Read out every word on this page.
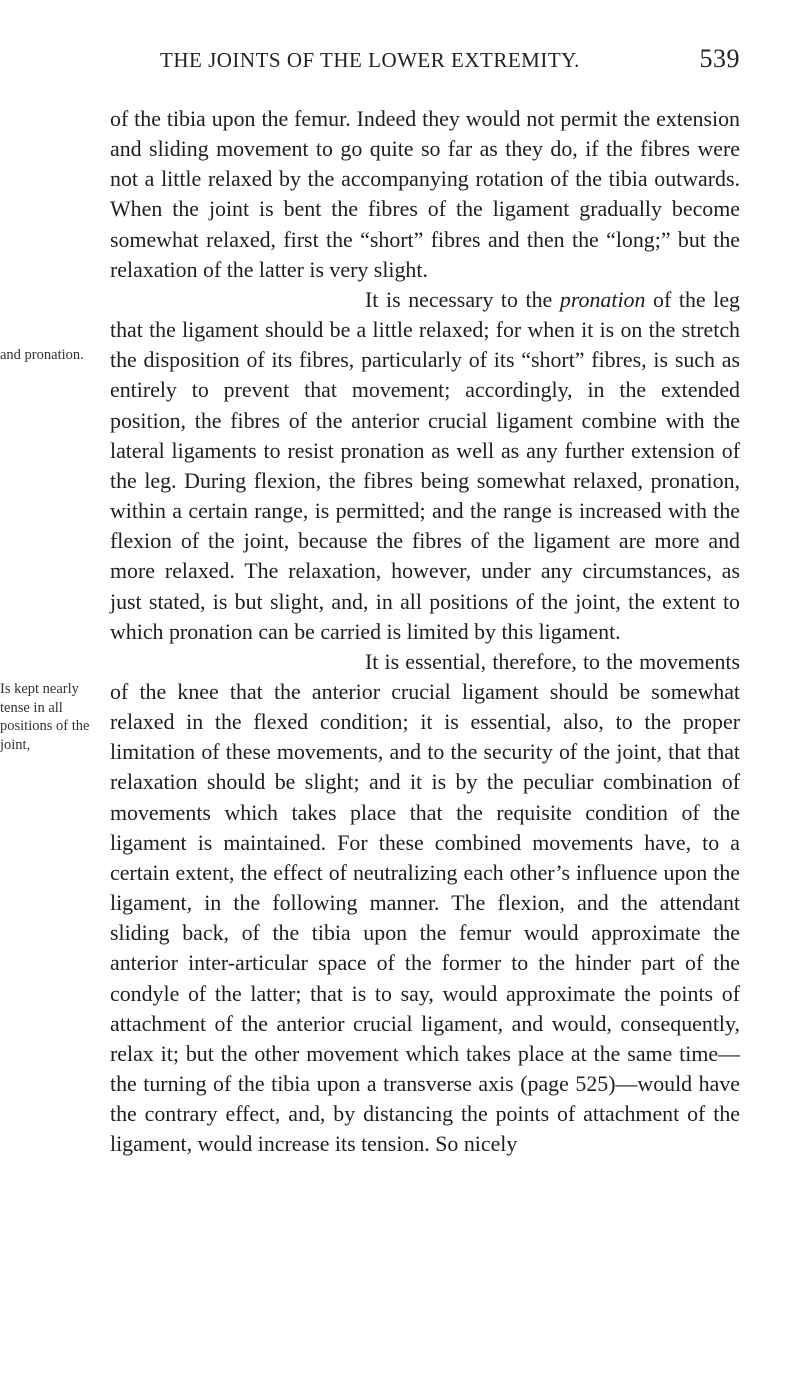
THE JOINTS OF THE LOWER EXTREMITY.	539
and pronation.
Is kept nearly tense in all positions of the joint,

of the tibia upon the femur. Indeed they would not permit the extension and sliding movement to go quite so far as they do, if the fibres were not a little relaxed by the accompanying rotation of the tibia outwards. When the joint is bent the fibres of the ligament gradually become somewhat relaxed, first the “short” fibres and then the “long;” but the relaxation of the latter is very slight.

It is necessary to the pronation of the leg that the ligament should be a little relaxed; for when it is on the stretch the disposition of its fibres, particularly of its “short” fibres, is such as entirely to prevent that movement; accordingly, in the extended position, the fibres of the anterior crucial ligament combine with the lateral ligaments to resist pronation as well as any further extension of the leg. During flexion, the fibres being somewhat relaxed, pronation, within a certain range, is permitted; and the range is increased with the flexion of the joint, because the fibres of the ligament are more and more relaxed. The relaxation, however, under any circumstances, as just stated, is but slight, and, in all positions of the joint, the extent to which pronation can be carried is limited by this ligament.

It is essential, therefore, to the movements of the knee that the anterior crucial ligament should be somewhat relaxed in the flexed condition; it is essential, also, to the proper limitation of these movements, and to the security of the joint, that that relaxation should be slight; and it is by the peculiar combination of movements which takes place that the requisite condition of the ligament is maintained. For these combined movements have, to a certain extent, the effect of neutralizing each other’s influence upon the ligament, in the following manner. The flexion, and the attendant sliding back, of the tibia upon the femur would approximate the anterior inter-articular space of the former to the hinder part of the condyle of the latter; that is to say, would approximate the points of attachment of the anterior crucial ligament, and would, consequently, relax it; but the other movement which takes place at the same time—the turning of the tibia upon a transverse axis (page 525)—would have the contrary effect, and, by distancing the points of attachment of the ligament, would increase its tension. So nicely
